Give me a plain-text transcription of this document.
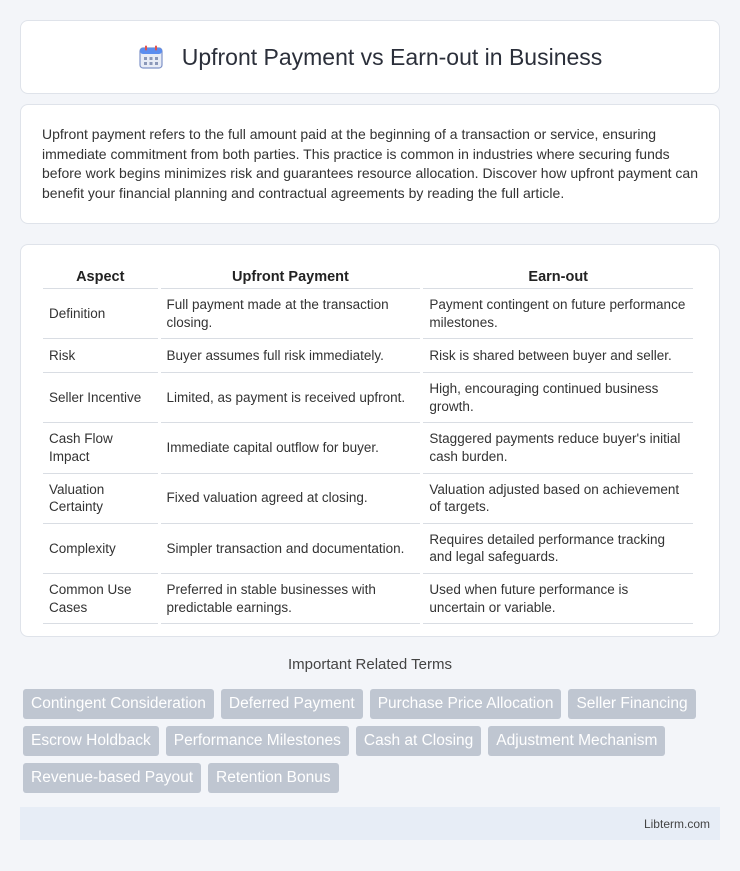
Upfront Payment vs Earn-out in Business

Upfront payment refers to the full amount paid at the beginning of a transaction or service, ensuring immediate commitment from both parties. This practice is common in industries where securing funds before work begins minimizes risk and guarantees resource allocation. Discover how upfront payment can benefit your financial planning and contractual agreements by reading the full article.

Aspect	Upfront Payment	Earn-out
Definition	Full payment made at the transaction closing.	Payment contingent on future performance milestones.
Risk	Buyer assumes full risk immediately.	Risk is shared between buyer and seller.
Seller Incentive	Limited, as payment is received upfront.	High, encouraging continued business growth.
Cash Flow Impact	Immediate capital outflow for buyer.	Staggered payments reduce buyer's initial cash burden.
Valuation Certainty	Fixed valuation agreed at closing.	Valuation adjusted based on achievement of targets.
Complexity	Simpler transaction and documentation.	Requires detailed performance tracking and legal safeguards.
Common Use Cases	Preferred in stable businesses with predictable earnings.	Used when future performance is uncertain or variable.
Important Related Terms
Contingent Consideration	Deferred Payment	Purchase Price Allocation	Seller Financing
Escrow Holdback	Performance Milestones	Cash at Closing	Adjustment Mechanism
Revenue-based Payout	Retention Bonus
Libterm.com
